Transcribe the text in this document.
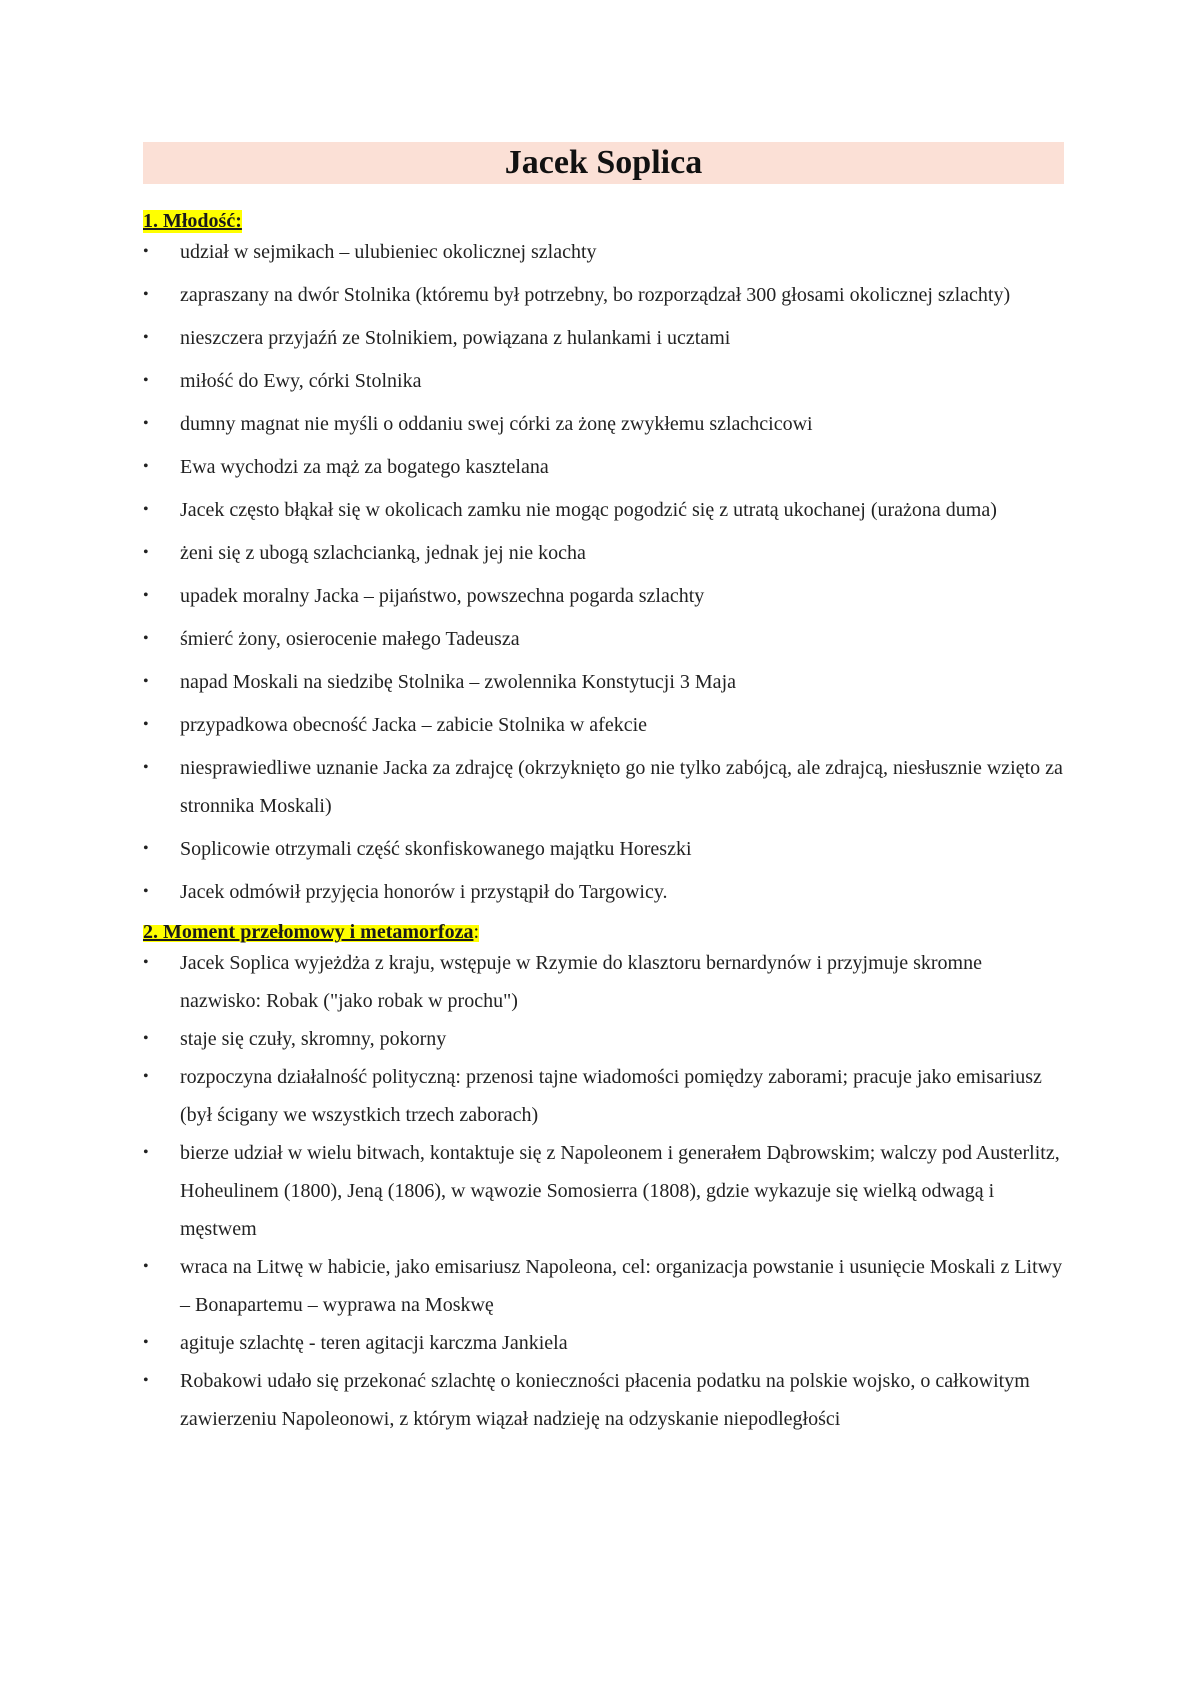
Jacek Soplica
1. Młodość:
•	udział w sejmikach – ulubieniec okolicznej szlachty
•	zapraszany na dwór Stolnika (któremu był potrzebny, bo rozporządzał 300 głosami okolicznej szlachty)
•	nieszczera przyjaźń ze Stolnikiem, powiązana z hulankami i ucztami
•	miłość do Ewy, córki Stolnika
•	dumny magnat nie myśli o oddaniu swej córki za żonę zwykłemu szlachcicowi
•	Ewa wychodzi za mąż za bogatego kasztelana
•	Jacek często błąkał się w okolicach zamku nie mogąc pogodzić się z utratą ukochanej (urażona duma)
•	żeni się z ubogą szlachcianką, jednak jej nie kocha
•	upadek moralny Jacka – pijaństwo, powszechna pogarda szlachty
•	śmierć żony, osierocenie małego Tadeusza
•	napad Moskali na siedzibę Stolnika – zwolennika Konstytucji 3 Maja
•	przypadkowa obecność Jacka – zabicie Stolnika w afekcie
•	niesprawiedliwe uznanie Jacka za zdrajcę (okrzyknięto go nie tylko zabójcą, ale zdrajcą, niesłusznie wzięto za stronnika Moskali)
•	Soplicowie otrzymali część skonfiskowanego majątku Horeszki
•	Jacek odmówił przyjęcia honorów i przystąpił do Targowicy.
2. Moment przełomowy i metamorfoza:
•	Jacek Soplica wyjeżdża z kraju, wstępuje w Rzymie do klasztoru bernardynów i przyjmuje skromne nazwisko: Robak ("jako robak w prochu")
•	staje się czuły, skromny, pokorny
•	rozpoczyna działalność polityczną: przenosi tajne wiadomości pomiędzy zaborami; pracuje jako emisariusz (był ścigany we wszystkich trzech zaborach)
•	bierze udział w wielu bitwach, kontaktuje się z Napoleonem i generałem Dąbrowskim; walczy pod Austerlitz, Hoheulinem (1800), Jeną (1806), w wąwozie Somosierra (1808), gdzie wykazuje się wielką odwagą i męstwem
•	wraca na Litwę w habicie, jako emisariusz Napoleona, cel: organizacja powstanie i usunięcie Moskali z Litwy – Bonapartemu – wyprawa na Moskwę
•	agituje szlachtę - teren agitacji karczma Jankiela
•	Robakowi udało się przekonać szlachtę o konieczności płacenia podatku na polskie wojsko, o całkowitym zawierzeniu Napoleonowi, z którym wiązał nadzieję na odzyskanie niepodległości
